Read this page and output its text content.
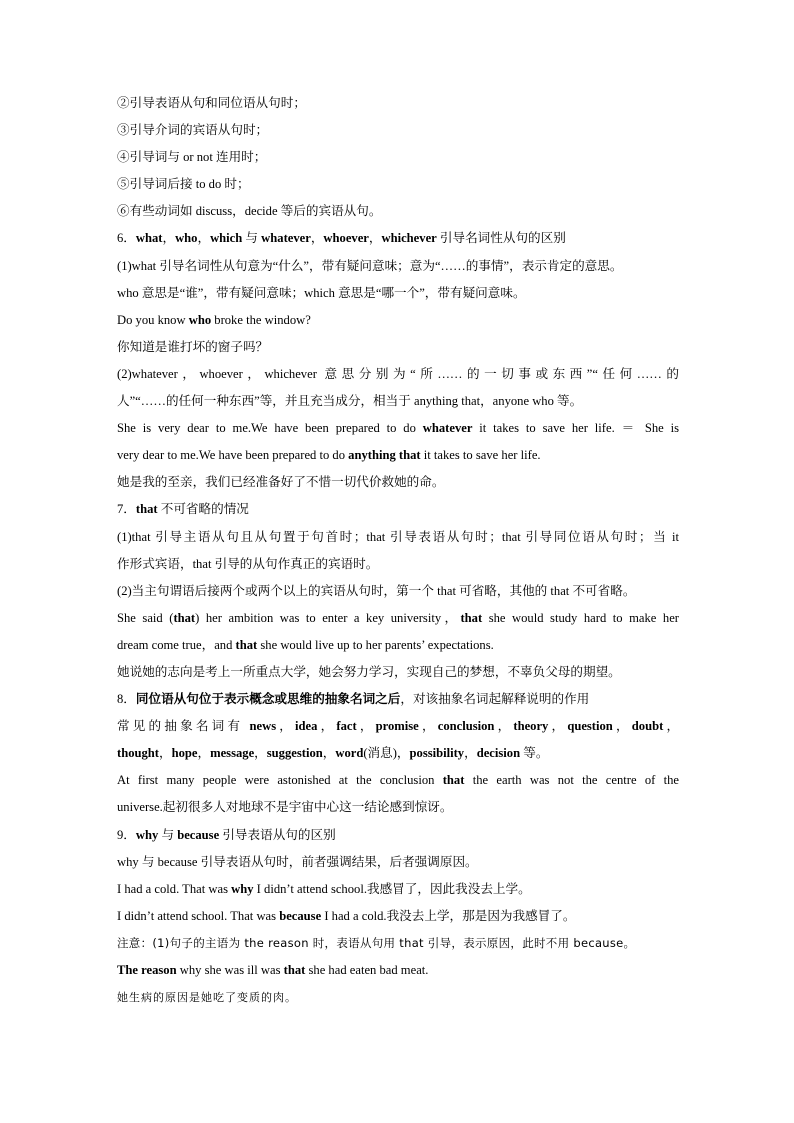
②引导表语从句和同位语从句时；
③引导介词的宾语从句时；
④引导词与 or not 连用时；
⑤引导词后接 to do 时；
⑥有些动词如 discuss，decide 等后的宾语从句。
6．what，who，which 与 whatever，whoever，whichever 引导名词性从句的区别
(1)what 引导名词性从句意为“什么”，带有疑问意味；意为“……的事情”，表示肯定的意思。
who 意思是“谁”，带有疑问意味；which 意思是“哪一个”，带有疑问意味。
Do you know who broke the window?
你知道是谁打坏的窗子吗？
(2)whatever，whoever，whichever 意思分别为“所……的一切事或东西”“任何……的
人”“……的任何一种东西”等，并且充当成分，相当于 anything that，anyone who 等。
She is very dear to me.We have been prepared to do whatever it takes to save her life. ＝ She is
very dear to me.We have been prepared to do anything that it takes to save her life.
她是我的至亲，我们已经准备好了不惜一切代价救她的命。
7．that 不可省略的情况
(1)that 引导主语从句且从句置于句首时；that 引导表语从句时；that 引导同位语从句时；当 it
作形式宾语，that 引导的从句作真正的宾语时。
(2)当主句谓语后接两个或两个以上的宾语从句时，第一个 that 可省略，其他的 that 不可省略。
She said (that) her ambition was to enter a key university，that she would study hard to make her
dream come true，and that she would live up to her parents’ expectations.
她说她的志向是考上一所重点大学，她会努力学习，实现自己的梦想，不辜负父母的期望。
8．同位语从句位于表示概念或思维的抽象名词之后，对该抽象名词起解释说明的作用
常见的抽象名词有 news，idea，fact，promise，conclusion，theory，question，doubt，
thought，hope，message，suggestion，word(消息)，possibility，decision 等。
At first many people were astonished at the conclusion that the earth was not the centre of the
universe.起初很多人对地球不是宇宙中心这一结论感到惊讶。
9．why 与 because 引导表语从句的区别
why 与 because 引导表语从句时，前者强调结果，后者强调原因。
I had a cold. That was why I didn’t attend school.我感冒了，因此我没去上学。
I didn’t attend school. That was because I had a cold.我没去上学，那是因为我感冒了。
注意：(1)句子的主语为 the reason 时，表语从句用 that 引导，表示原因，此时不用 because。
The reason why she was ill was that she had eaten bad meat.
她生病的原因是她吃了变质的肉。
